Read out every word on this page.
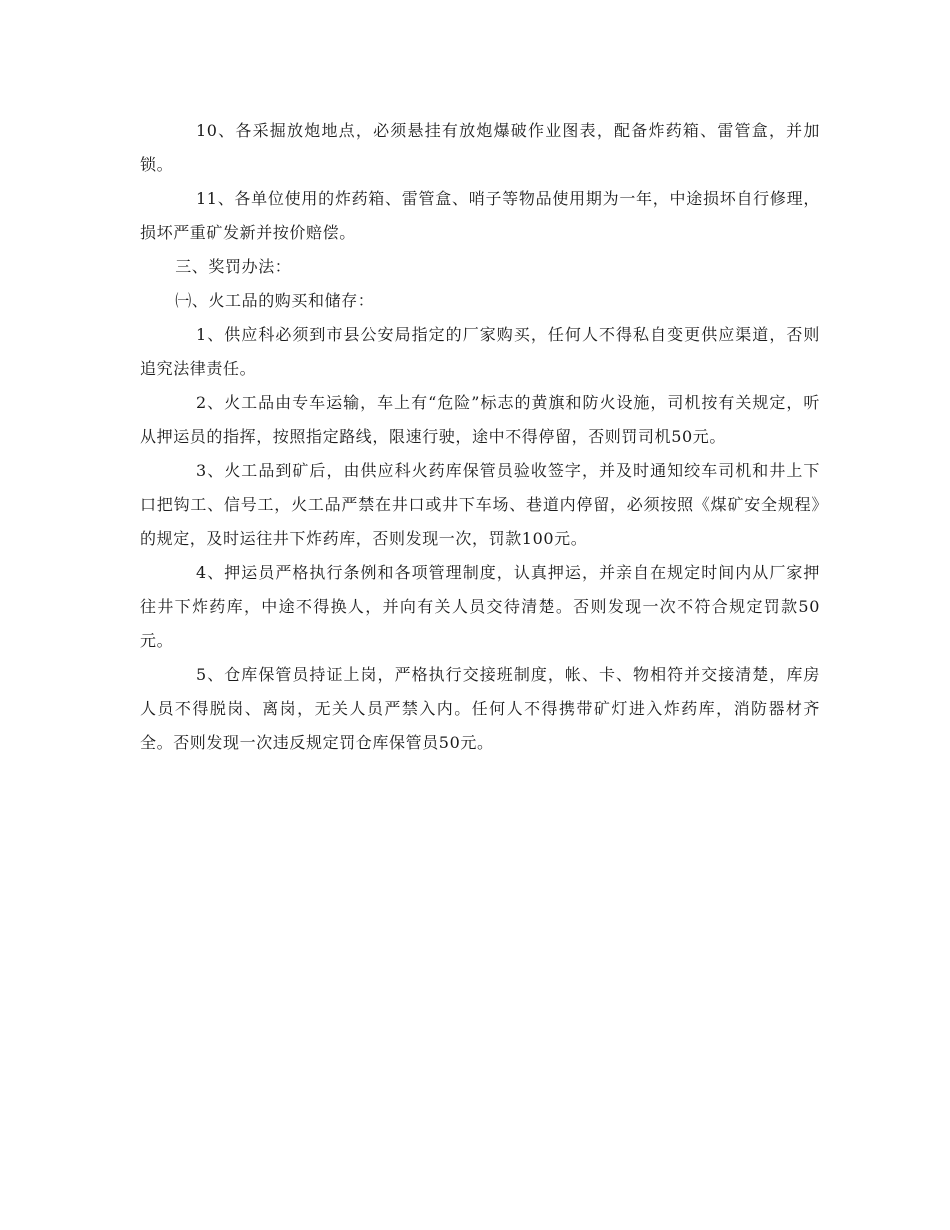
10、各采掘放炮地点，必须悬挂有放炮爆破作业图表，配备炸药箱、雷管盒，并加锁。

11、各单位使用的炸药箱、雷管盒、哨子等物品使用期为一年，中途损坏自行修理，损坏严重矿发新并按价赔偿。

三、奖罚办法：

㈠、火工品的购买和储存：

1、供应科必须到市县公安局指定的厂家购买，任何人不得私自变更供应渠道，否则追究法律责任。

2、火工品由专车运输，车上有“危险”标志的黄旗和防火设施，司机按有关规定，听从押运员的指挥，按照指定路线，限速行驶，途中不得停留，否则罚司机50元。

3、火工品到矿后，由供应科火药库保管员验收签字，并及时通知绞车司机和井上下口把钩工、信号工，火工品严禁在井口或井下车场、巷道内停留，必须按照《煤矿安全规程》的规定，及时运往井下炸药库，否则发现一次，罚款100元。

4、押运员严格执行条例和各项管理制度，认真押运，并亲自在规定时间内从厂家押往井下炸药库，中途不得换人，并向有关人员交待清楚。否则发现一次不符合规定罚款50元。

5、仓库保管员持证上岗，严格执行交接班制度，帐、卡、物相符并交接清楚，库房人员不得脱岗、离岗，无关人员严禁入内。任何人不得携带矿灯进入炸药库，消防器材齐全。否则发现一次违反规定罚仓库保管员50元。
